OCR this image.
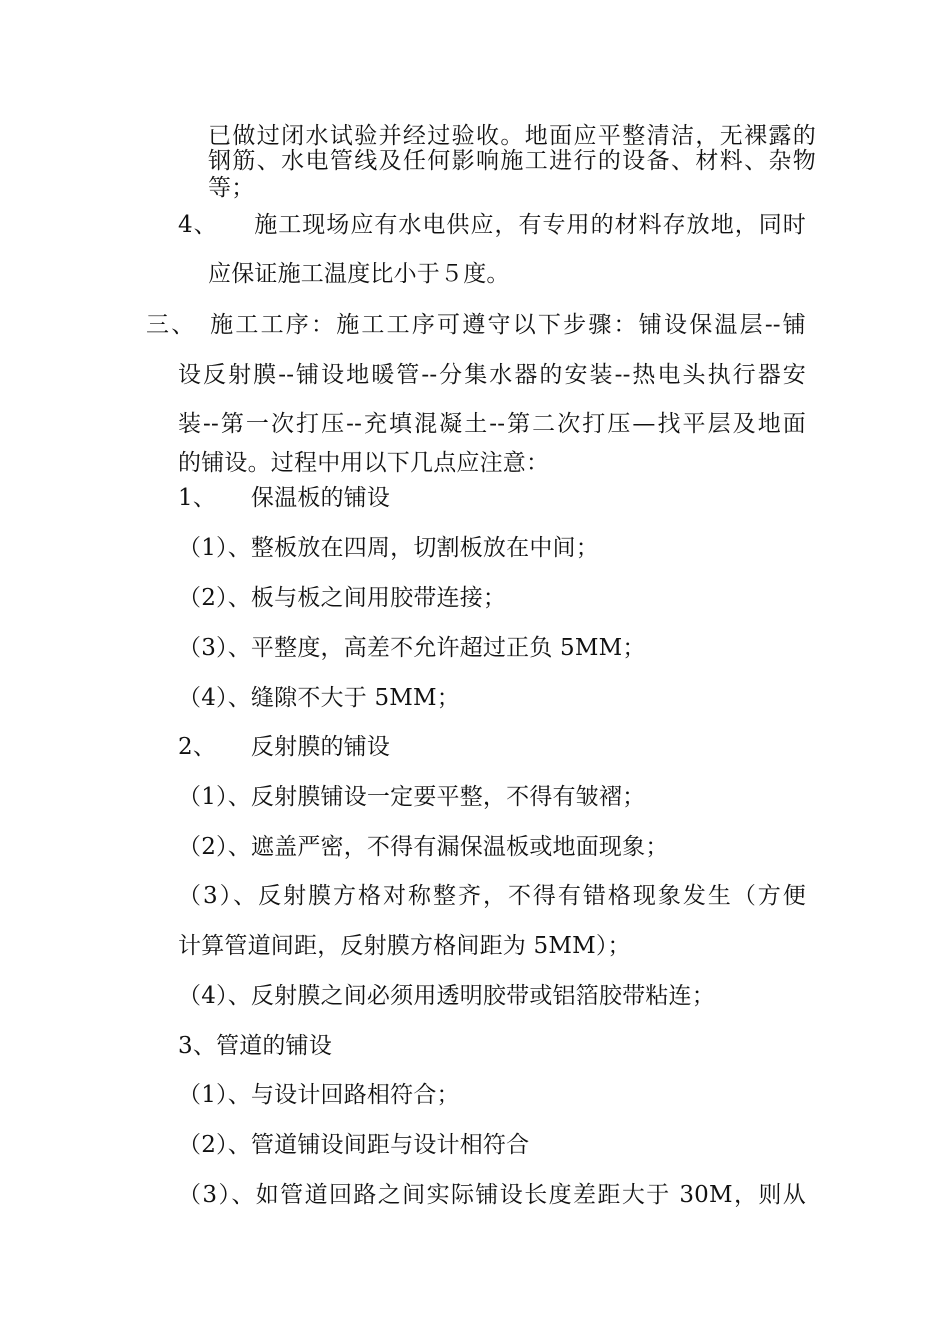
已做过闭水试验并经过验收。地面应平整清洁，无裸露的
钢筋、水电管线及任何影响施工进行的设备、材料、杂物
等；
4、　　施工现场应有水电供应，有专用的材料存放地，同时
应保证施工温度比小于５度。
三、　施工工序：施工工序可遵守以下步骤：铺设保温层--铺
设反射膜--铺设地暖管--分集水器的安装--热电头执行器安
装--第一次打压--充填混凝土--第二次打压—找平层及地面
的铺设。过程中用以下几点应注意：
1、　　保温板的铺设
（1）、整板放在四周，切割板放在中间；
（2）、板与板之间用胶带连接；
（3）、平整度，高差不允许超过正负 5MM；
（4）、缝隙不大于 5MM；
2、　　反射膜的铺设
（1）、反射膜铺设一定要平整，不得有皱褶；
（2）、遮盖严密，不得有漏保温板或地面现象；
（3）、反射膜方格对称整齐，不得有错格现象发生（方便
计算管道间距，反射膜方格间距为 5MM）；
（4）、反射膜之间必须用透明胶带或铝箔胶带粘连；
3、管道的铺设
（1）、与设计回路相符合；
（2）、管道铺设间距与设计相符合
（3）、如管道回路之间实际铺设长度差距大于 30M，则从
